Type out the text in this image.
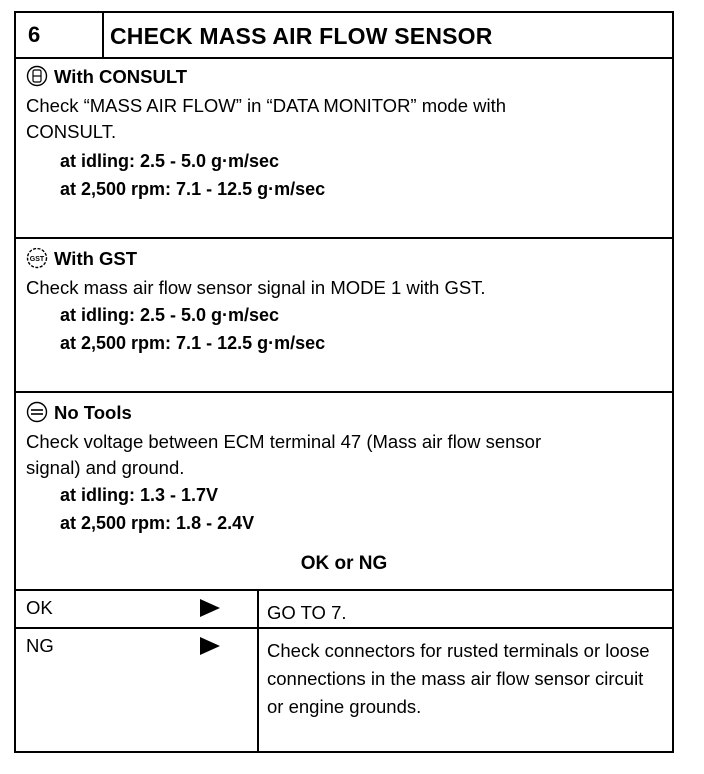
6	CHECK MASS AIR FLOW SENSOR
With CONSULT
Check “MASS AIR FLOW” in “DATA MONITOR” mode with
CONSULT.
at idling: 2.5 - 5.0 g·m/sec
at 2,500 rpm: 7.1 - 12.5 g·m/sec
GST With GST
Check mass air flow sensor signal in MODE 1 with GST.
at idling: 2.5 - 5.0 g·m/sec
at 2,500 rpm: 7.1 - 12.5 g·m/sec
No Tools
Check voltage between ECM terminal 47 (Mass air flow sensor
signal) and ground.
at idling: 1.3 - 1.7V
at 2,500 rpm: 1.8 - 2.4V
OK or NG
OK	GO TO 7.
NG	Check connectors for rusted terminals or loose connections in the mass air flow sensor circuit or engine grounds.
